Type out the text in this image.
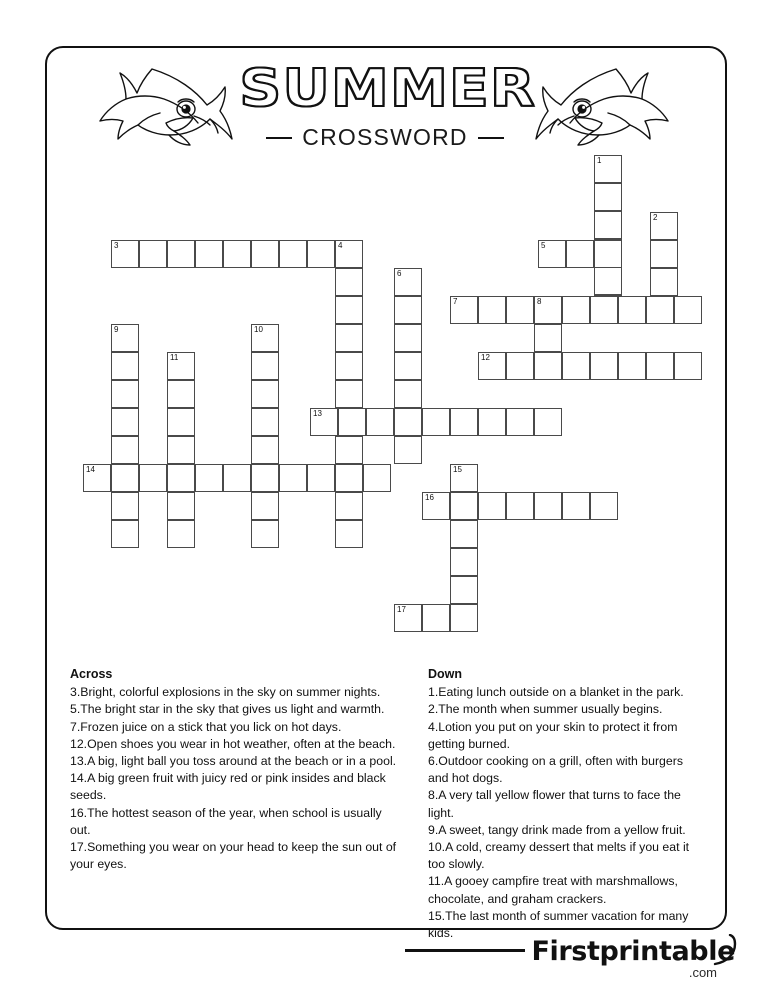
SUMMER
CROSSWORD
1
2
3	4	5
6
7	8
9	10
11	12
13
14	15
16
17
Across

3.Bright, colorful explosions in the sky on summer nights.

5.The bright star in the sky that gives us light and warmth.

7.Frozen juice on a stick that you lick on hot days.

12.Open shoes you wear in hot weather, often at the beach.

13.A big, light ball you toss around at the beach or in a pool.

14.A big green fruit with juicy red or pink insides and black seeds.

16.The hottest season of the year, when school is usually out.

17.Something you wear on your head to keep the sun out of your eyes.

Down

1.Eating lunch outside on a blanket in the park.

2.The month when summer usually begins.

4.Lotion you put on your skin to protect it from getting burned.

6.Outdoor cooking on a grill, often with burgers and hot dogs.

8.A very tall yellow flower that turns to face the light.

9.A sweet, tangy drink made from a yellow fruit.

10.A cold, creamy dessert that melts if you eat it too slowly.

11.A gooey campfire treat with marshmallows, chocolate, and graham crackers.

15.The last month of summer vacation for many kids.

Firstprintable
.com
